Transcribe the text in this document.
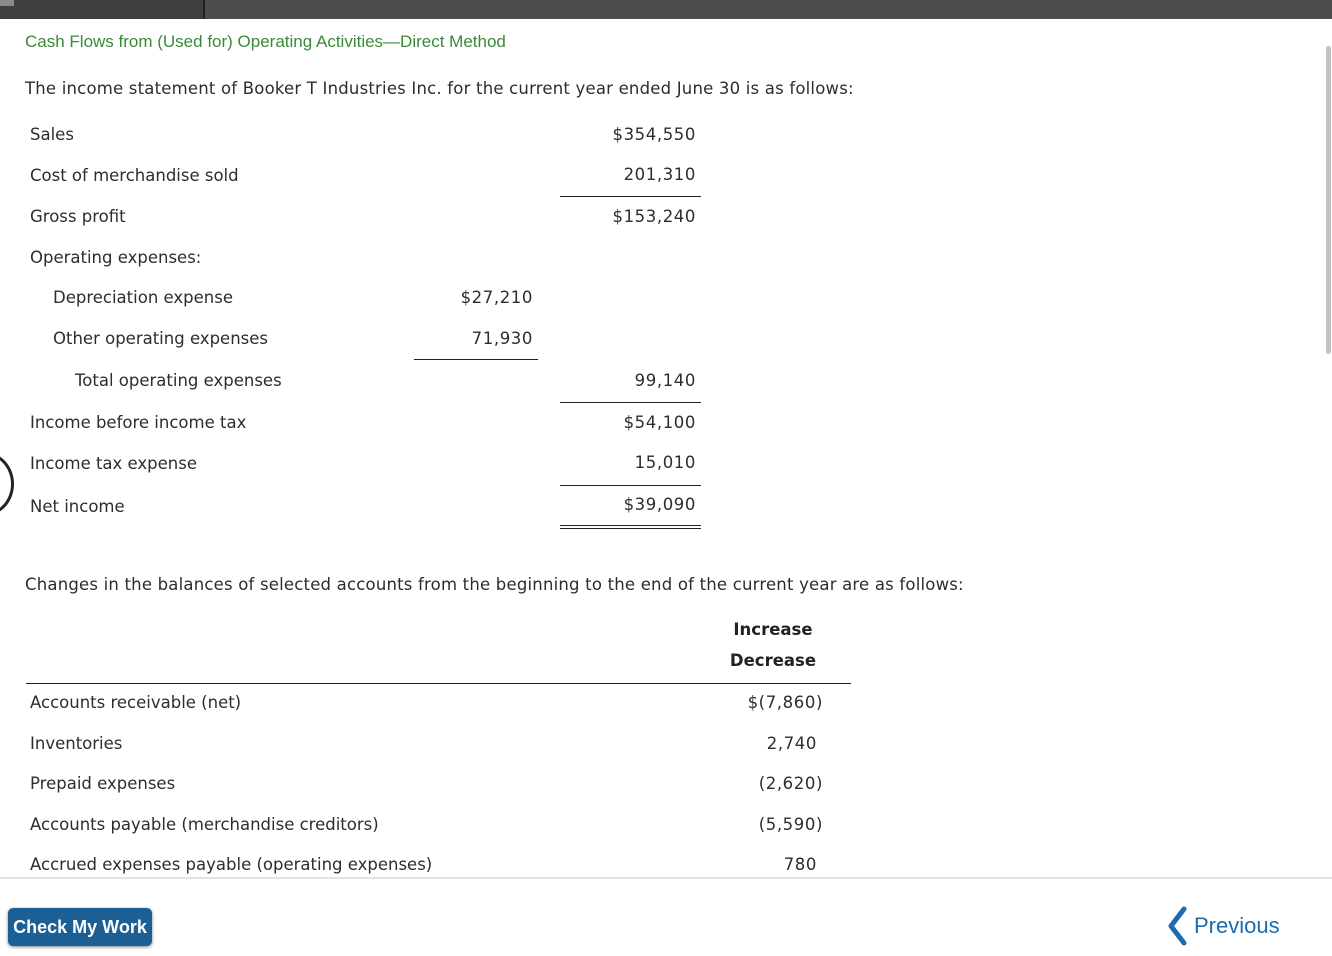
Cash Flows from (Used for) Operating Activities—Direct Method
The income statement of Booker T Industries Inc. for the current year ended June 30 is as follows:
Sales	$354,550
Cost of merchandise sold	201,310
Gross profit	$153,240
Operating expenses:
Depreciation expense	$27,210
Other operating expenses	71,930
Total operating expenses	99,140
Income before income tax	$54,100
Income tax expense	15,010
Net income	$39,090
Changes in the balances of selected accounts from the beginning to the end of the current year are as follows:
Increase
Decrease
Accounts receivable (net)	$(7,860)
Inventories	2,740
Prepaid expenses	(2,620)
Accounts payable (merchandise creditors)	(5,590)
Accrued expenses payable (operating expenses)	780
Check My Work	Previous
